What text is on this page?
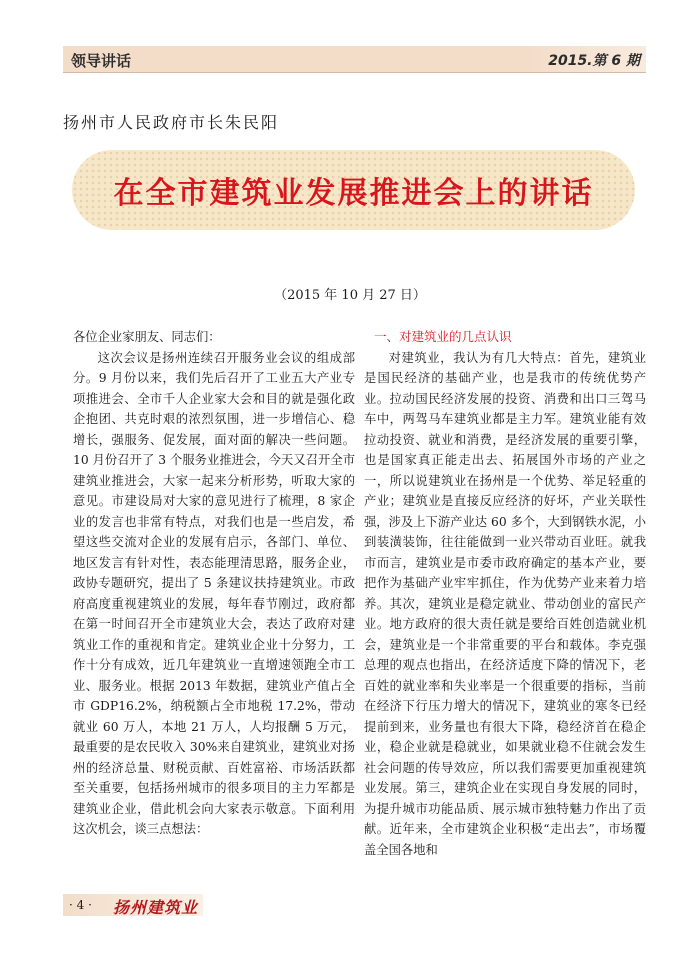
领导讲话	2015.第 6 期
扬州市人民政府市长朱民阳
在全市建筑业发展推进会上的讲话
（2015 年 10 月 27 日）

各位企业家朋友、同志们：

这次会议是扬州连续召开服务业会议的组成部分。9 月份以来，我们先后召开了工业五大产业专项推进会、全市千人企业家大会和目的就是强化政企抱团、共克时艰的浓烈氛围，进一步增信心、稳增长，强服务、促发展，面对面的解决一些问题。10 月份召开了 3 个服务业推进会，今天又召开全市建筑业推进会，大家一起来分析形势，听取大家的意见。市建设局对大家的意见进行了梳理，8 家企业的发言也非常有特点，对我们也是一些启发，希望这些交流对企业的发展有启示，各部门、单位、地区发言有针对性，表态能理清思路，服务企业，政协专题研究，提出了 5 条建议扶持建筑业。市政府高度重视建筑业的发展，每年春节刚过，政府都在第一时间召开全市建筑业大会，表达了政府对建筑业工作的重视和肯定。建筑业企业十分努力，工作十分有成效，近几年建筑业一直增速领跑全市工业、服务业。根据 2013 年数据，建筑业产值占全市 GDP16.2%，纳税额占全市地税 17.2%，带动就业 60 万人，本地 21 万人，人均报酬 5 万元，最重要的是农民收入 30%来自建筑业，建筑业对扬州的经济总量、财税贡献、百姓富裕、市场活跃都至关重要，包括扬州城市的很多项目的主力军都是建筑业企业，借此机会向大家表示敬意。下面利用这次机会，谈三点想法：

一、对建筑业的几点认识

对建筑业，我认为有几大特点：首先，建筑业是国民经济的基础产业，也是我市的传统优势产业。拉动国民经济发展的投资、消费和出口三驾马车中，两驾马车建筑业都是主力军。建筑业能有效拉动投资、就业和消费，是经济发展的重要引擎，也是国家真正能走出去、拓展国外市场的产业之一，所以说建筑业在扬州是一个优势、举足轻重的产业；建筑业是直接反应经济的好坏，产业关联性强，涉及上下游产业达 60 多个，大到钢铁水泥，小到装潢装饰，往往能做到一业兴带动百业旺。就我市而言，建筑业是市委市政府确定的基本产业，要把作为基础产业牢牢抓住，作为优势产业来着力培养。其次，建筑业是稳定就业、带动创业的富民产业。地方政府的很大责任就是要给百姓创造就业机会，建筑业是一个非常重要的平台和载体。李克强总理的观点也指出，在经济适度下降的情况下，老百姓的就业率和失业率是一个很重要的指标，当前在经济下行压力增大的情况下，建筑业的寒冬已经提前到来，业务量也有很大下降，稳经济首在稳企业，稳企业就是稳就业，如果就业稳不住就会发生社会问题的传导效应，所以我们需要更加重视建筑业发展。第三，建筑企业在实现自身发展的同时，为提升城市功能品质、展示城市独特魅力作出了贡献。近年来，全市建筑企业积极“走出去”，市场覆盖全国各地和

· 4 · 扬州建筑业
